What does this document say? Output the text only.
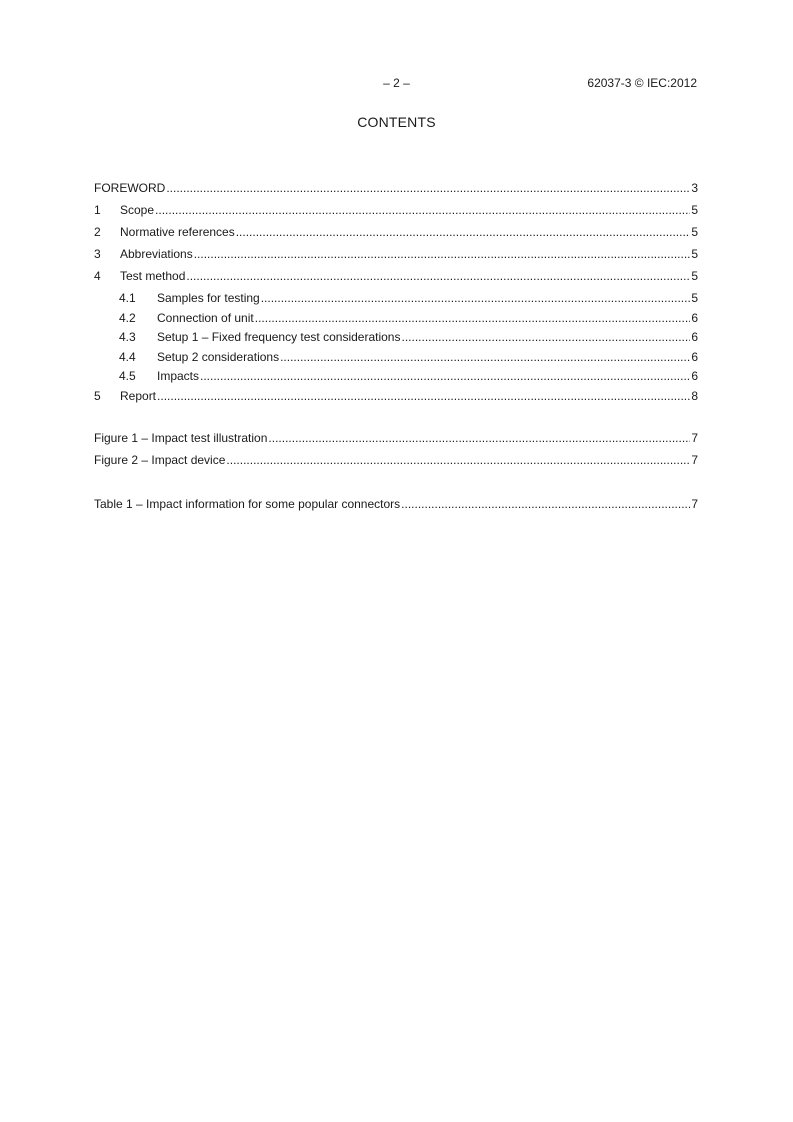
– 2 –	62037-3 © IEC:2012
CONTENTS
FOREWORD .....	3
1	Scope .....	5
2	Normative references .....	5
3	Abbreviations .....	5
4	Test method .....	5
4.1	Samples for testing .....	5
4.2	Connection of unit .....	6
4.3	Setup 1 – Fixed frequency test considerations .....	6
4.4	Setup 2 considerations .....	6
4.5	Impacts .....	6
5	Report .....	8
Figure 1 – Impact test illustration .....	7
Figure 2 – Impact device .....	7
Table 1 – Impact information for some popular connectors .....	7
